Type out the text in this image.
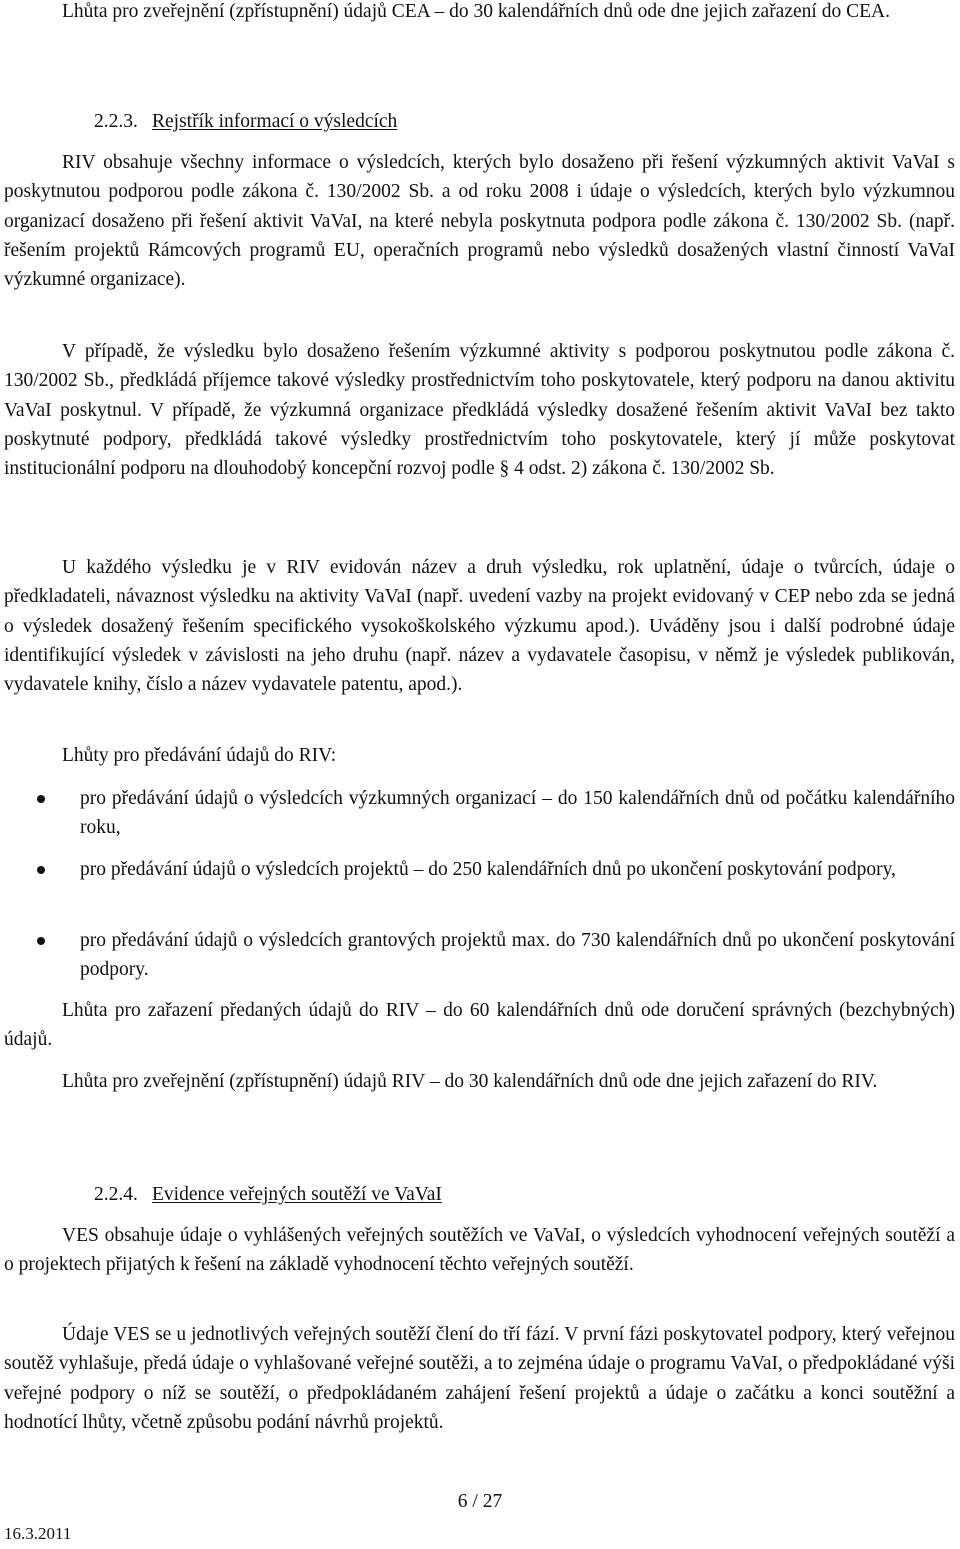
Lhůta pro zveřejnění (zpřístupnění) údajů CEA – do 30 kalendářních dnů ode dne jejich zařazení do CEA.

2.2.3. Rejstřík informací o výsledcích

RIV obsahuje všechny informace o výsledcích, kterých bylo dosaženo při řešení výzkumných aktivit VaVaI s poskytnutou podporou podle zákona č. 130/2002 Sb. a od roku 2008 i údaje o výsledcích, kterých bylo výzkumnou organizací dosaženo při řešení aktivit VaVaI, na které nebyla poskytnuta podpora podle zákona č. 130/2002 Sb. (např. řešením projektů Rámcových programů EU, operačních programů nebo výsledků dosažených vlastní činností VaVaI výzkumné organizace).

V případě, že výsledku bylo dosaženo řešením výzkumné aktivity s podporou poskytnutou podle zákona č. 130/2002 Sb., předkládá příjemce takové výsledky prostřednictvím toho poskytovatele, který podporu na danou aktivitu VaVaI poskytnul. V případě, že výzkumná organizace předkládá výsledky dosažené řešením aktivit VaVaI bez takto poskytnuté podpory, předkládá takové výsledky prostřednictvím toho poskytovatele, který jí může poskytovat institucionální podporu na dlouhodobý koncepční rozvoj podle § 4 odst. 2) zákona č. 130/2002 Sb.

U každého výsledku je v RIV evidován název a druh výsledku, rok uplatnění, údaje o tvůrcích, údaje o předkladateli, návaznost výsledku na aktivity VaVaI (např. uvedení vazby na projekt evidovaný v CEP nebo zda se jedná o výsledek dosažený řešením specifického vysokoškolského výzkumu apod.). Uváděny jsou i další podrobné údaje identifikující výsledek v závislosti na jeho druhu (např. název a vydavatele časopisu, v němž je výsledek publikován, vydavatele knihy, číslo a název vydavatele patentu, apod.).

Lhůty pro předávání údajů do RIV:

pro předávání údajů o výsledcích výzkumných organizací – do 150 kalendářních dnů od počátku kalendářního roku,

pro předávání údajů o výsledcích projektů – do 250 kalendářních dnů po ukončení poskytování podpory,

pro předávání údajů o výsledcích grantových projektů max. do 730 kalendářních dnů po ukončení poskytování podpory.

Lhůta pro zařazení předaných údajů do RIV – do 60 kalendářních dnů ode doručení správných (bezchybných) údajů.

Lhůta pro zveřejnění (zpřístupnění) údajů RIV – do 30 kalendářních dnů ode dne jejich zařazení do RIV.

2.2.4. Evidence veřejných soutěží ve VaVaI

VES obsahuje údaje o vyhlášených veřejných soutěžích ve VaVaI, o výsledcích vyhodnocení veřejných soutěží a o projektech přijatých k řešení na základě vyhodnocení těchto veřejných soutěží.

Údaje VES se u jednotlivých veřejných soutěží člení do tří fází. V první fázi poskytovatel podpory, který veřejnou soutěž vyhlašuje, předá údaje o vyhlašované veřejné soutěži, a to zejména údaje o programu VaVaI, o předpokládané výši veřejné podpory o níž se soutěží, o předpokládaném zahájení řešení projektů a údaje o začátku a konci soutěžní a hodnotící lhůty, včetně způsobu podání návrhů projektů.

6 / 27
16.3.2011
